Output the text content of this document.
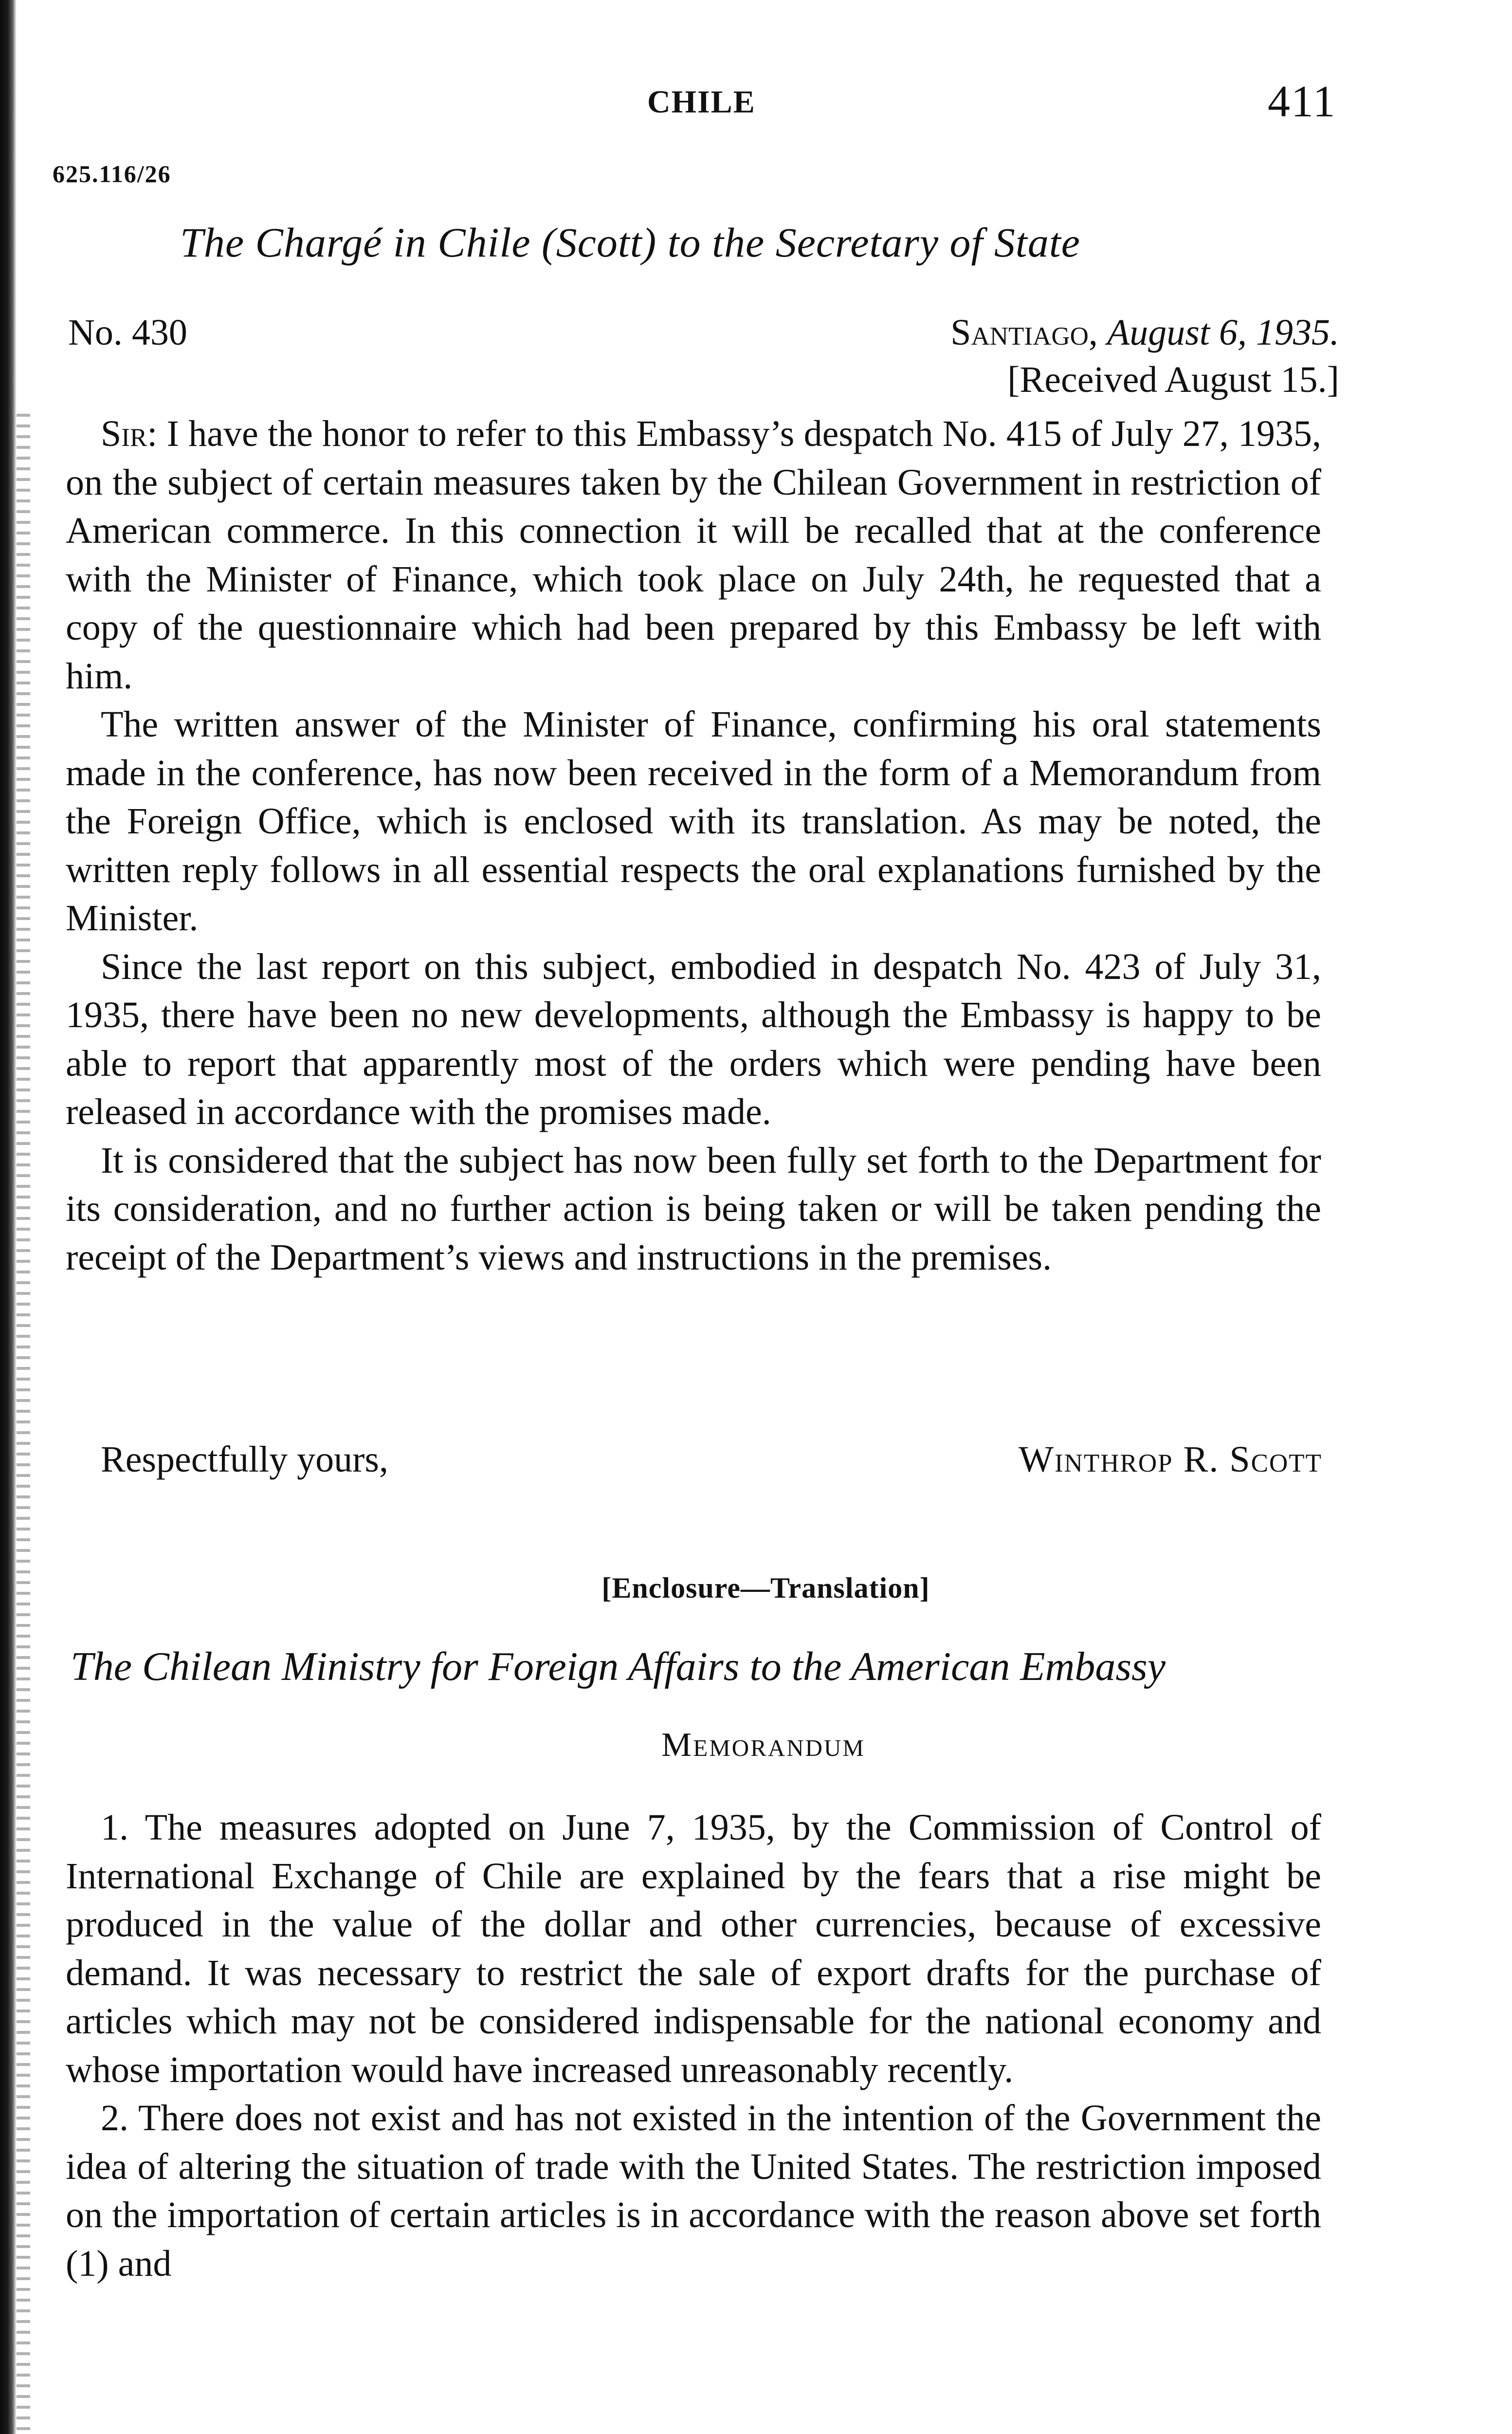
CHILE	411
625.116/26
The Chargé in Chile (Scott) to the Secretary of State
No. 430	Santiago, August 6, 1935.
[Received August 15.]

Sir: I have the honor to refer to this Embassy’s despatch No. 415 of July 27, 1935, on the subject of certain measures taken by the Chilean Government in restriction of American commerce. In this connection it will be recalled that at the conference with the Minister of Finance, which took place on July 24th, he requested that a copy of the questionnaire which had been prepared by this Embassy be left with him.

The written answer of the Minister of Finance, confirming his oral statements made in the conference, has now been received in the form of a Memorandum from the Foreign Office, which is enclosed with its translation. As may be noted, the written reply follows in all essential respects the oral explanations furnished by the Minister.

Since the last report on this subject, embodied in despatch No. 423 of July 31, 1935, there have been no new developments, although the Embassy is happy to be able to report that apparently most of the orders which were pending have been released in accordance with the promises made.

It is considered that the subject has now been fully set forth to the Department for its consideration, and no further action is being taken or will be taken pending the receipt of the Department’s views and instructions in the premises.

Respectfully yours,	Winthrop R. Scott
[Enclosure—Translation]
The Chilean Ministry for Foreign Affairs to the American Embassy
Memorandum

1. The measures adopted on June 7, 1935, by the Commission of Control of International Exchange of Chile are explained by the fears that a rise might be produced in the value of the dollar and other currencies, because of excessive demand. It was necessary to restrict the sale of export drafts for the purchase of articles which may not be considered indispensable for the national economy and whose importation would have increased unreasonably recently.

2. There does not exist and has not existed in the intention of the Government the idea of altering the situation of trade with the United States. The restriction imposed on the importation of certain articles is in accordance with the reason above set forth (1) and
